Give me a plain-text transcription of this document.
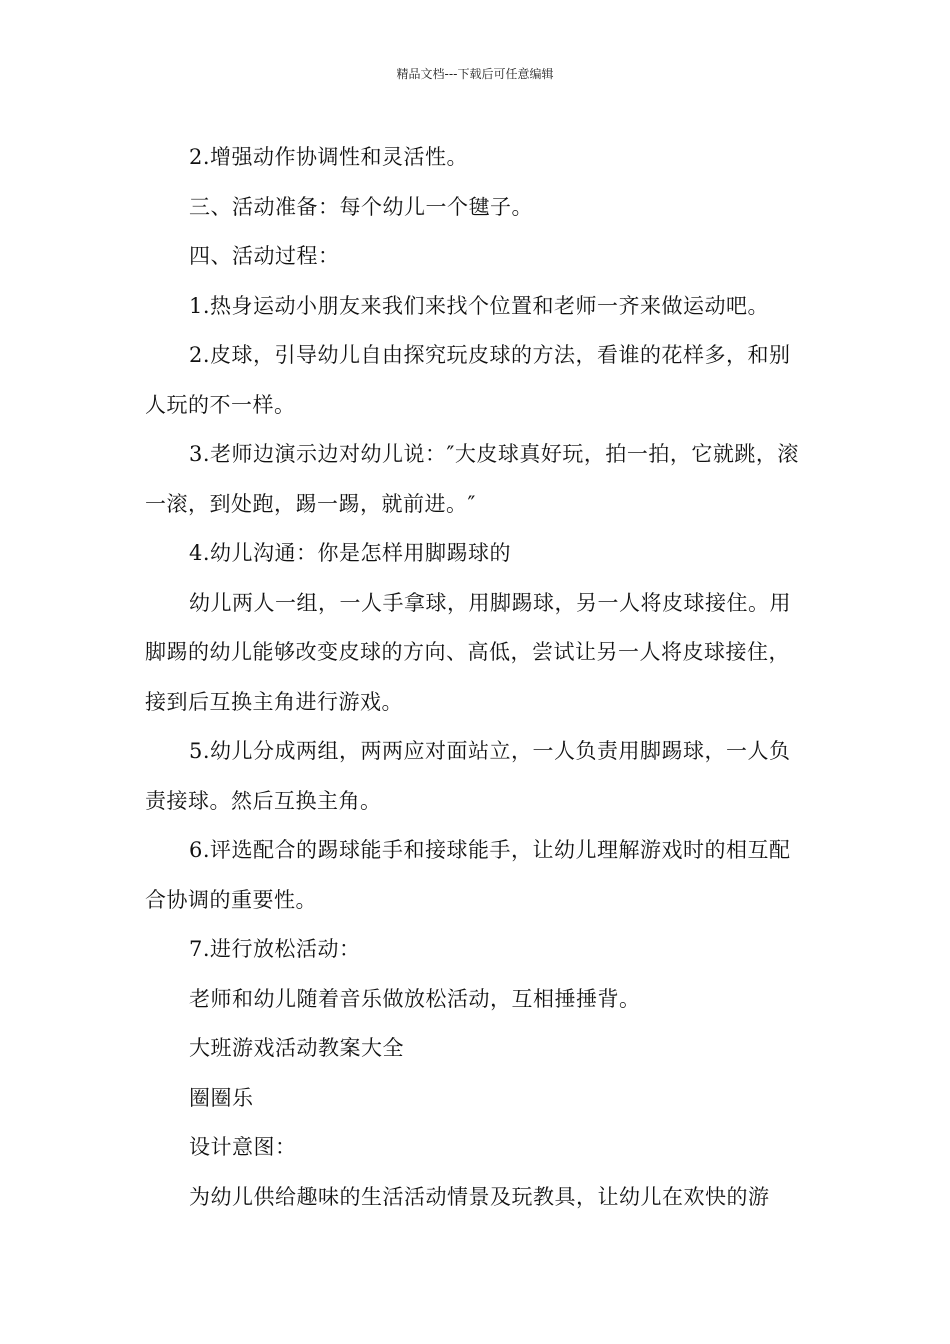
精品文档---下载后可任意编辑

2.增强动作协调性和灵活性。

三、活动准备：每个幼儿一个毽子。

四、活动过程：

1.热身运动小朋友来我们来找个位置和老师一齐来做运动吧。

2.皮球，引导幼儿自由探究玩皮球的方法，看谁的花样多，和别人玩的不一样。

3.老师边演示边对幼儿说：″大皮球真好玩，拍一拍，它就跳，滚一滚，到处跑，踢一踢，就前进。″

4.幼儿沟通：你是怎样用脚踢球的

幼儿两人一组，一人手拿球，用脚踢球，另一人将皮球接住。用脚踢的幼儿能够改变皮球的方向、高低，尝试让另一人将皮球接住，接到后互换主角进行游戏。

5.幼儿分成两组，两两应对面站立，一人负责用脚踢球，一人负责接球。然后互换主角。

6.评选配合的踢球能手和接球能手，让幼儿理解游戏时的相互配合协调的重要性。

7.进行放松活动：

老师和幼儿随着音乐做放松活动，互相捶捶背。

大班游戏活动教案大全

圈圈乐

设计意图：

为幼儿供给趣味的生活活动情景及玩教具，让幼儿在欢快的游
